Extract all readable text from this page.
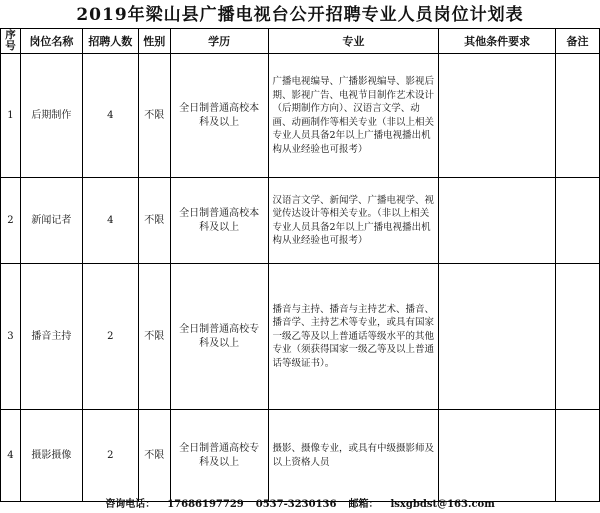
2019年梁山县广播电视台公开招聘专业人员岗位计划表
序号	岗位名称	招聘人数	性别	学历	专业	其他条件要求	备注
1	后期制作	4	不限	全日制普通高校本科及以上	广播电视编导、广播影视编导、影视后期、影视广告、电视节目制作艺术设计（后期制作方向）、汉语言文学、动画、动画制作等相关专业（非以上相关专业人员具备2年以上广播电视播出机构从业经验也可报考）		
2	新闻记者	4	不限	全日制普通高校本科及以上	汉语言文学、新闻学、广播电视学、视觉传达设计等相关专业。（非以上相关专业人员具备2年以上广播电视播出机构从业经验也可报考）		
3	播音主持	2	不限	全日制普通高校专科及以上	播音与主持、播音与主持艺术、播音、播音学、主持艺术等专业，或具有国家一级乙等及以上普通话等级水平的其他专业（须获得国家一级乙等及以上普通话等级证书）。		
4	摄影摄像	2	不限	全日制普通高校专科及以上	摄影、摄像专业，或具有中级摄影师及以上资格人员		
咨询电话： 17686197729 0537-3230136 邮箱： lsxgbdst@163.com
